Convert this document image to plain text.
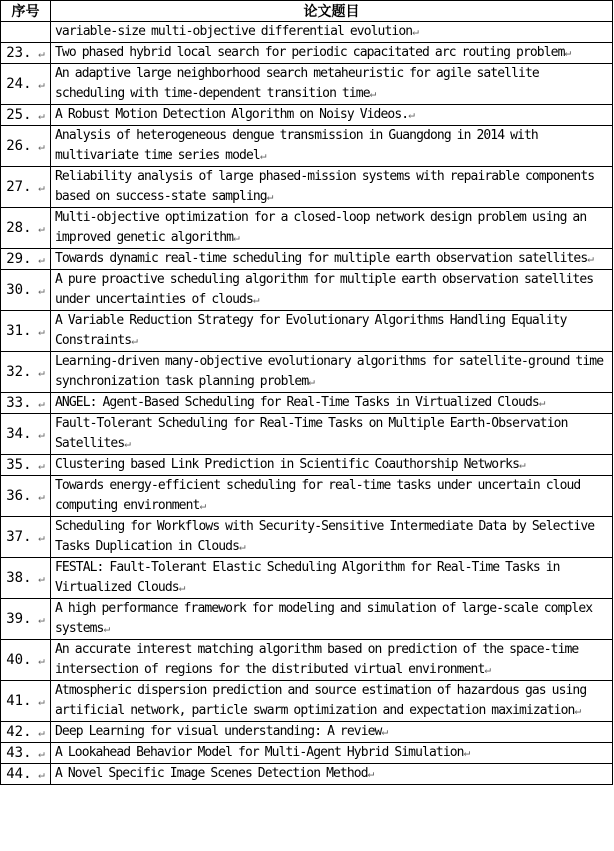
序号	论文题目
	variable-size multi-objective differential evolution↵
23. ↵	Two phased hybrid local search for periodic capacitated arc routing problem↵
24. ↵	An adaptive large neighborhood search metaheuristic for agile satellite scheduling with time-dependent transition time↵
25. ↵	A Robust Motion Detection Algorithm on Noisy Videos.↵
26. ↵	Analysis of heterogeneous dengue transmission in Guangdong in 2014 with multivariate time series model↵
27. ↵	Reliability analysis of large phased-mission systems with repairable components based on success-state sampling↵
28. ↵	Multi-objective optimization for a closed-loop network design problem using an improved genetic algorithm↵
29. ↵	Towards dynamic real-time scheduling for multiple earth observation satellites↵
30. ↵	A pure proactive scheduling algorithm for multiple earth observation satellites under uncertainties of clouds↵
31. ↵	A Variable Reduction Strategy for Evolutionary Algorithms Handling Equality Constraints↵
32. ↵	Learning-driven many-objective evolutionary algorithms for satellite-ground time synchronization task planning problem↵
33. ↵	ANGEL: Agent-Based Scheduling for Real-Time Tasks in Virtualized Clouds↵
34. ↵	Fault-Tolerant Scheduling for Real-Time Tasks on Multiple Earth-Observation Satellites↵
35. ↵	Clustering based Link Prediction in Scientific Coauthorship Networks↵
36. ↵	Towards energy-efficient scheduling for real-time tasks under uncertain cloud computing environment↵
37. ↵	Scheduling for Workflows with Security-Sensitive Intermediate Data by Selective Tasks Duplication in Clouds↵
38. ↵	FESTAL: Fault-Tolerant Elastic Scheduling Algorithm for Real-Time Tasks in Virtualized Clouds↵
39. ↵	A high performance framework for modeling and simulation of large-scale complex systems↵
40. ↵	An accurate interest matching algorithm based on prediction of the space-time intersection of regions for the distributed virtual environment↵
41. ↵	Atmospheric dispersion prediction and source estimation of hazardous gas using artificial network, particle swarm optimization and expectation maximization↵
42. ↵	Deep Learning for visual understanding: A review↵
43. ↵	A Lookahead Behavior Model for Multi-Agent Hybrid Simulation↵
44. ↵	A Novel Specific Image Scenes Detection Method↵
